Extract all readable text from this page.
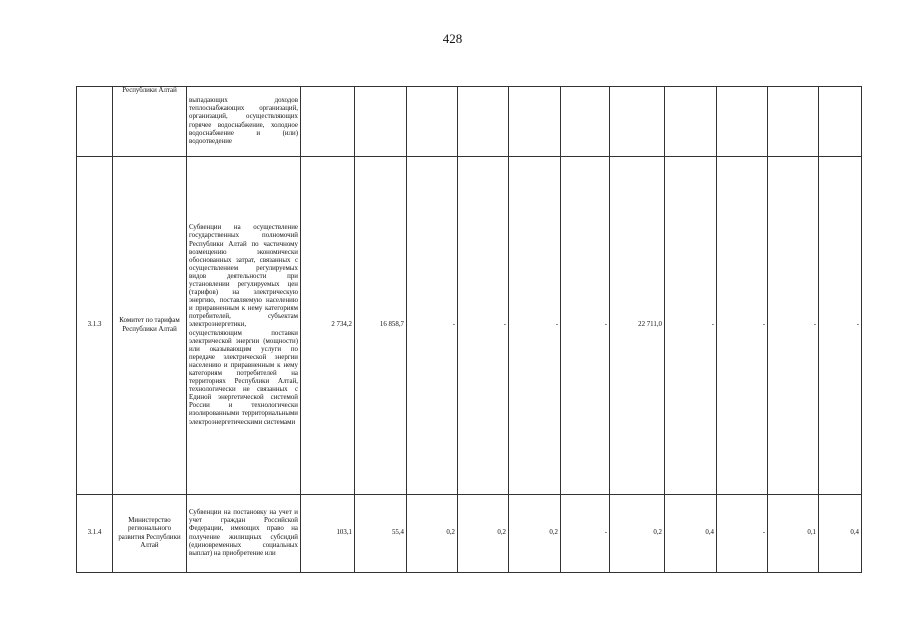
428
	Республики Алтай	выпадающих доходов теплоснабжающих организаций, организаций, осуществляющих горячее водоснабжение, холодное водоснабжение и (или) водоотведение											
3.1.3	Комитет по тарифам Республики Алтай	Субвенции на осуществление государственных полномочий Республики Алтай по частичному возмещению экономически обоснованных затрат, связанных с осуществлением регулируемых видов деятельности при установлении регулируемых цен (тарифов) на электрическую энергию, поставляемую населению и приравненным к нему категориям потребителей, субъектам электроэнергетики, осуществляющим поставки электрической энергии (мощности) или оказывающим услуги по передаче электрической энергии населению и приравненным к нему категориям потребителей на территориях Республики Алтай, технологически не связанных с Единой энергетической системой России и технологически изолированными территориальными электроэнергетическими системами	2 734,2	16 858,7	-	-	-	-	22 711,0	-	-	-	-
3.1.4	Министерство регионального развития Республики Алтай	Субвенции на постановку на учет и учет граждан Российской Федерации, имеющих право на получение жилищных субсидий (единовременных социальных выплат) на приобретение или	103,1	55,4	0,2	0,2	0,2	-	0,2	0,4	-	0,1	0,4
